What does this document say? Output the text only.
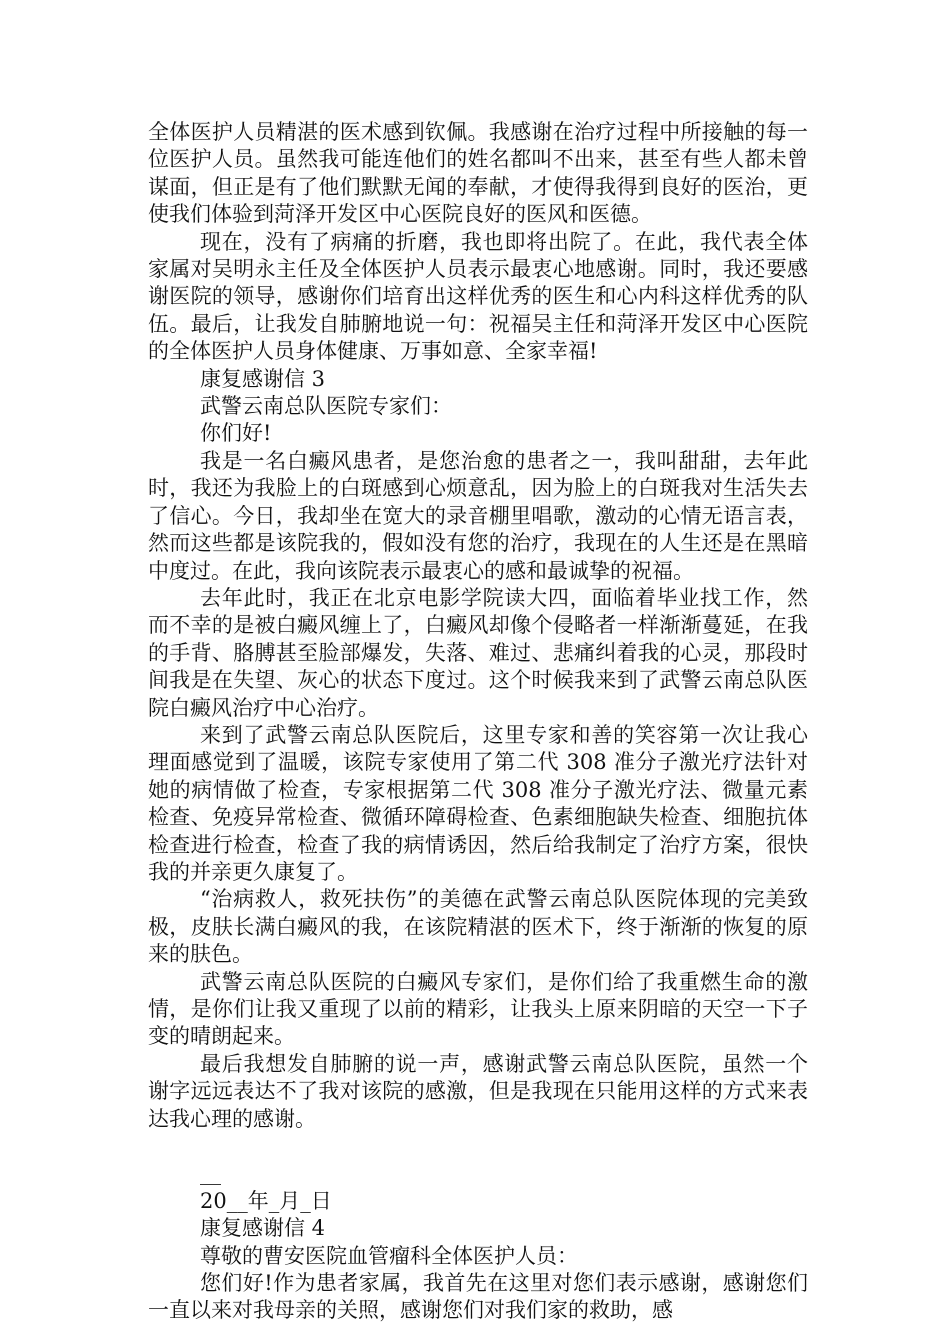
全体医护人员精湛的医术感到钦佩。我感谢在治疗过程中所接触的每一位医护人员。虽然我可能连他们的姓名都叫不出来，甚至有些人都未曾谋面，但正是有了他们默默无闻的奉献，才使得我得到良好的医治，更使我们体验到菏泽开发区中心医院良好的医风和医德。

现在，没有了病痛的折磨，我也即将出院了。在此，我代表全体家属对吴明永主任及全体医护人员表示最衷心地感谢。同时，我还要感谢医院的领导，感谢你们培育出这样优秀的医生和心内科这样优秀的队伍。最后，让我发自肺腑地说一句：祝福吴主任和菏泽开发区中心医院的全体医护人员身体健康、万事如意、全家幸福!

康复感谢信 3

武警云南总队医院专家们：

你们好!

我是一名白癜风患者，是您治愈的患者之一，我叫甜甜，去年此时，我还为我脸上的白斑感到心烦意乱，因为脸上的白斑我对生活失去了信心。今日，我却坐在宽大的录音棚里唱歌，激动的心情无语言表，然而这些都是该院我的，假如没有您的治疗，我现在的人生还是在黑暗中度过。在此，我向该院表示最衷心的感和最诚挚的祝福。

去年此时，我正在北京电影学院读大四，面临着毕业找工作，然而不幸的是被白癜风缠上了，白癜风却像个侵略者一样渐渐蔓延，在我的手背、胳膊甚至脸部爆发，失落、难过、悲痛纠着我的心灵，那段时间我是在失望、灰心的状态下度过。这个时候我来到了武警云南总队医院白癜风治疗中心治疗。

来到了武警云南总队医院后，这里专家和善的笑容第一次让我心理面感觉到了温暖，该院专家使用了第二代 308 准分子激光疗法针对她的病情做了检查，专家根据第二代 308 准分子激光疗法、微量元素检查、免疫异常检查、微循环障碍检查、色素细胞缺失检查、细胞抗体检查进行检查，检查了我的病情诱因，然后给我制定了治疗方案，很快我的并亲更久康复了。

“治病救人，救死扶伤”的美德在武警云南总队医院体现的完美致极，皮肤长满白癜风的我，在该院精湛的医术下，终于渐渐的恢复的原来的肤色。

武警云南总队医院的白癜风专家们，是你们给了我重燃生命的激情，是你们让我又重现了以前的精彩，让我头上原来阴暗的天空一下子变的晴朗起来。

最后我想发自肺腑的说一声，感谢武警云南总队医院，虽然一个谢字远远表达不了我对该院的感激，但是我现在只能用这样的方式来表达我心理的感谢。

__

20__年_月_日

康复感谢信 4

尊敬的曹安医院血管瘤科全体医护人员：

您们好!作为患者家属，我首先在这里对您们表示感谢，感谢您们一直以来对我母亲的关照，感谢您们对我们家的救助，感
